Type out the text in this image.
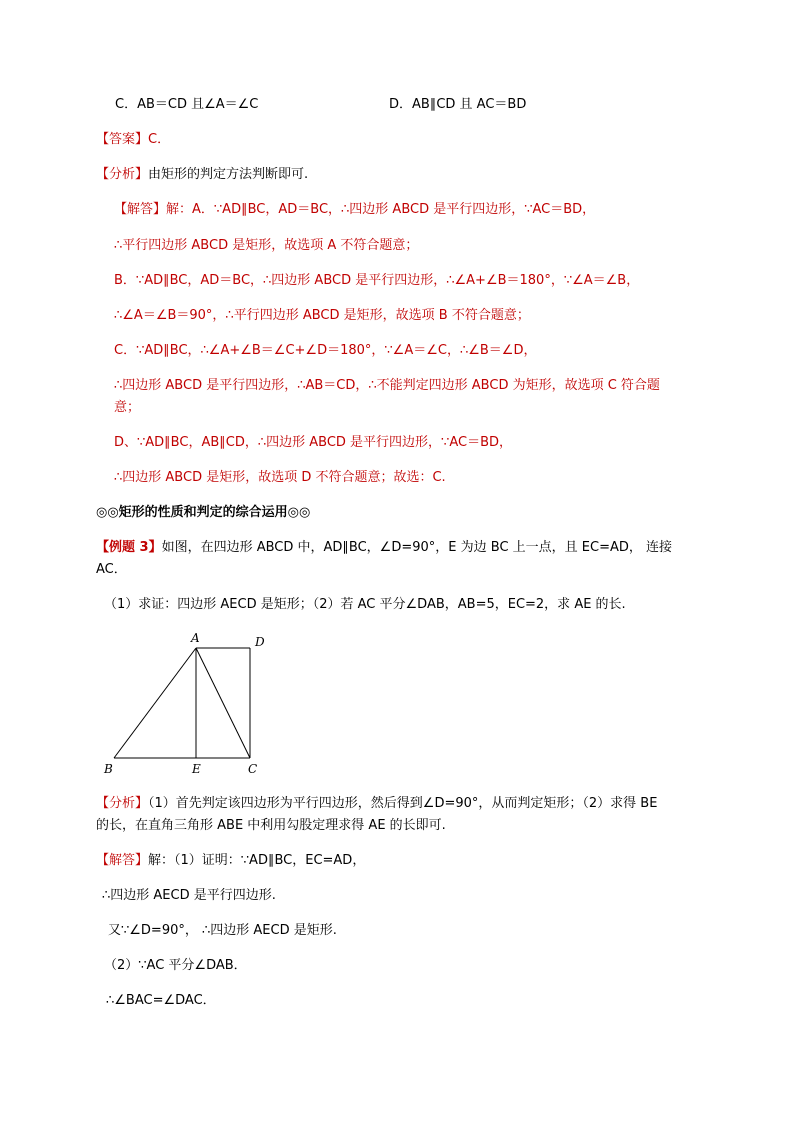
C．AB＝CD 且∠A＝∠C	D．AB∥CD 且 AC＝BD
【答案】C．
【分析】由矩形的判定方法判断即可.
【解答】解：A．∵AD∥BC，AD＝BC，∴四边形 ABCD 是平行四边形，∵AC＝BD，
∴平行四边形 ABCD 是矩形，故选项 A 不符合题意；
B．∵AD∥BC，AD＝BC，∴四边形 ABCD 是平行四边形，∴∠A+∠B＝180°，∵∠A＝∠B，
∴∠A＝∠B＝90°，∴平行四边形 ABCD 是矩形，故选项 B 不符合题意；
C．∵AD∥BC，∴∠A+∠B＝∠C+∠D＝180°，∵∠A＝∠C，∴∠B＝∠D，
∴四边形 ABCD 是平行四边形，∴AB＝CD，∴不能判定四边形 ABCD 为矩形，故选项 C 符合题
意；
D、∵AD∥BC，AB∥CD，∴四边形 ABCD 是平行四边形，∵AC＝BD，
∴四边形 ABCD 是矩形，故选项 D 不符合题意；故选：C.
◎◎矩形的性质和判定的综合运用◎◎
【例题 3】如图，在四边形 ABCD 中，AD∥BC，∠D=90°，E 为边 BC 上一点，且 EC=AD， 连接
AC．
（1）求证：四边形 AECD 是矩形；（2）若 AC 平分∠DAB，AB=5，EC=2，求 AE 的长.
A	D
B	E	C
【分析】（1）首先判定该四边形为平行四边形，然后得到∠D=90°，从而判定矩形；（2）求得 BE
的长，在直角三角形 ABE 中利用勾股定理求得 AE 的长即可.
【解答】解：（1）证明：∵AD∥BC，EC=AD，
∴四边形 AECD 是平行四边形.
又∵∠D=90°， ∴四边形 AECD 是矩形.
（2）∵AC 平分∠DAB．
∴∠BAC=∠DAC．
